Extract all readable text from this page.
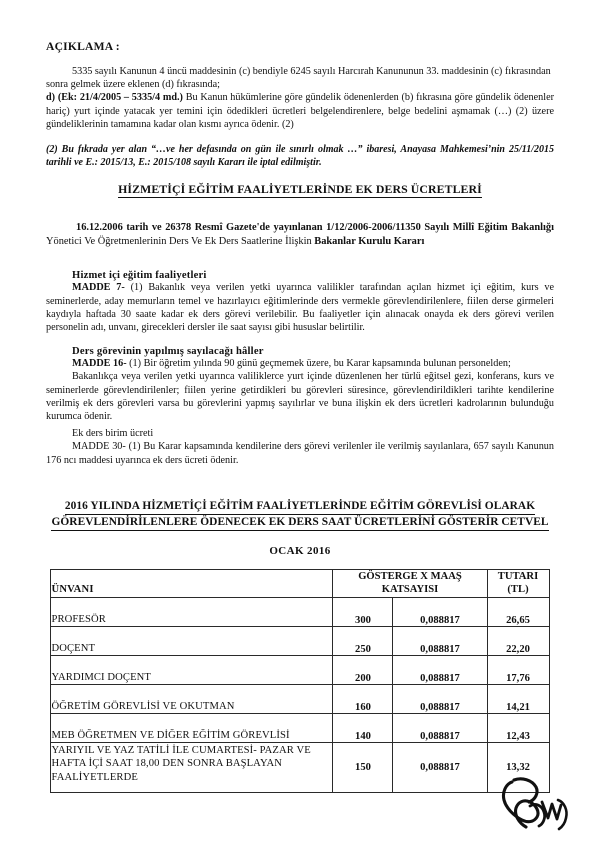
AÇIKLAMA :

5335 sayılı Kanunun 4 üncü maddesinin (c) bendiyle 6245 sayılı Harcırah Kanununun 33. maddesinin (c) fıkrasından

sonra gelmek üzere eklenen (d) fıkrasında;

d) (Ek: 21/4/2005 – 5335/4 md.) Bu Kanun hükümlerine göre gündelik ödenenlerden (b) fıkrasına göre gündelik ödenenler hariç) yurt içinde yatacak yer temini için ödedikleri ücretleri belgelendirenlere, belge bedelini aşmamak (…) (2) üzere gündeliklerinin tamamına kadar olan kısmı ayrıca ödenir. (2)

(2) Bu fıkrada yer alan “…ve her defasında on gün ile sınırlı olmak …” ibaresi, Anayasa Mahkemesi’nin 25/11/2015 tarihli ve E.: 2015/13, E.: 2015/108 sayılı Kararı ile iptal edilmiştir.

HİZMETİÇİ EĞİTİM FAALİYETLERİNDE EK DERS ÜCRETLERİ

16.12.2006 tarih ve 26378 Resmî Gazete'de yayınlanan 1/12/2006-2006/11350 Sayılı Millî Eğitim Bakanlığı Yönetici Ve Öğretmenlerinin Ders Ve Ek Ders Saatlerine İlişkin Bakanlar Kurulu Kararı

Hizmet içi eğitim faaliyetleri

MADDE 7- (1) Bakanlık veya verilen yetki uyarınca valilikler tarafından açılan hizmet içi eğitim, kurs ve seminerlerde, aday memurların temel ve hazırlayıcı eğitimlerinde ders vermekle görevlendirilenlere, fiilen derse girmeleri kaydıyla haftada 30 saate kadar ek ders görevi verilebilir. Bu faaliyetler için alınacak onayda ek ders görevi verilen personelin adı, unvanı, girecekleri dersler ile saat sayısı gibi hususlar belirtilir.

Ders görevinin yapılmış sayılacağı hâller

MADDE 16- (1) Bir öğretim yılında 90 günü geçmemek üzere, bu Karar kapsamında bulunan personelden;

Bakanlıkça veya verilen yetki uyarınca valiliklerce yurt içinde düzenlenen her türlü eğitsel gezi, konferans, kurs ve seminerlerde görevlendirilenler; fiilen yerine getirdikleri bu görevleri süresince, görevlendirildikleri tarihte kendilerine verilmiş ek ders görevleri varsa bu görevlerini yapmış sayılırlar ve buna ilişkin ek ders ücretleri kadrolarının bulunduğu kurumca ödenir.

Ek ders birim ücreti

MADDE 30- (1) Bu Karar kapsamında kendilerine ders görevi verilenler ile verilmiş sayılanlara, 657 sayılı Kanunun 176 ncı maddesi uyarınca ek ders ücreti ödenir.

2016 YILINDA HİZMETİÇİ EĞİTİM FAALİYETLERİNDE EĞİTİM GÖREVLİSİ OLARAK
GÖREVLENDİRİLENLERE ÖDENECEK EK DERS SAAT ÜCRETLERİNİ GÖSTERİR CETVEL
OCAK 2016
ÜNVANI	
GÖSTERGE X MAAŞ
KATSAYISI

TUTARI
(TL)

PROFESÖR	300	0,088817	26,65
DOÇENT	250	0,088817	22,20
YARDIMCI DOÇENT	200	0,088817	17,76
ÖĞRETİM GÖREVLİSİ VE OKUTMAN	160	0,088817	14,21
MEB ÖĞRETMEN VE DİĞER EĞİTİM GÖREVLİSİ	140	0,088817	12,43
YARIYIL VE YAZ TATİLİ İLE CUMARTESİ- PAZAR VE HAFTA İÇİ SAAT 18,00 DEN SONRA BAŞLAYAN FAALİYETLERDE	150	0,088817	13,32
